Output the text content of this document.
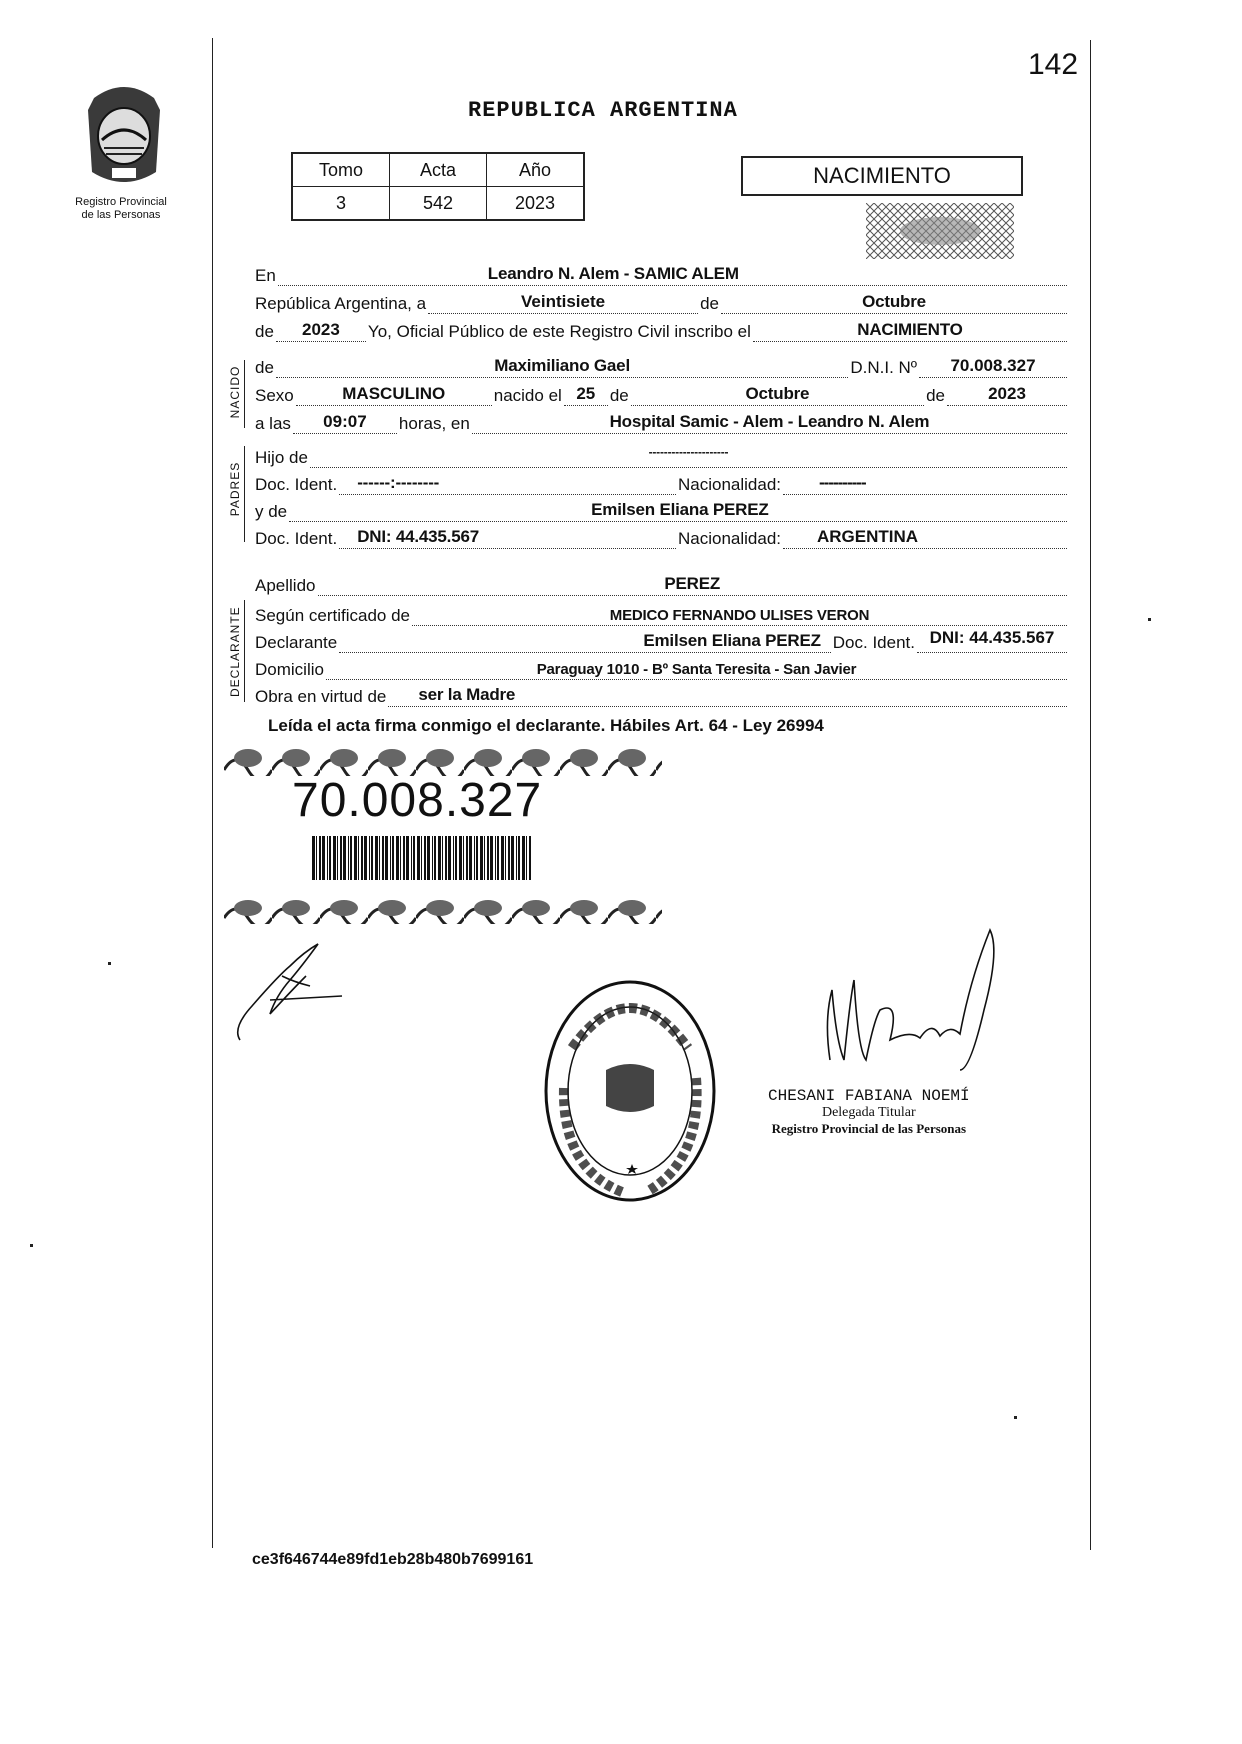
142
REPUBLICA ARGENTINA
Registro Provincial
de las Personas
Tomo	Acta	Año
3	542	2023
NACIMIENTO
En	Leandro N. Alem - SAMIC ALEM
República Argentina, a	Veintisiete	de	Octubre
de	2023	Yo, Oficial Público de este Registro Civil inscribo el	NACIMIENTO
NACIDO de	Maximiliano Gael	D.N.I. Nº	70.008.327
Sexo	MASCULINO	nacido el 25 de	Octubre	de	2023
a las	09:07	horas, en	Hospital Samic - Alem - Leandro N. Alem
PADRES
Hijo de	---------------------
Doc. Ident.	------:--------	Nacionalidad:	----------
y de	Emilsen Eliana PEREZ
Doc. Ident.	DNI: 44.435.567	Nacionalidad:	ARGENTINA
Apellido	PEREZ
DECLARANTE Según certificado de	MEDICO FERNANDO ULISES VERON
Declarante	Emilsen Eliana PEREZ Doc. Ident. DNI: 44.435.567
Domicilio	Paraguay 1010 - Bº Santa Teresita - San Javier
Obra en virtud de	ser la Madre
Leída el acta firma conmigo el declarante. Hábiles Art. 64 - Ley 26994
70.008.327
CHESANI FABIANA NOEMÍ
Delegada Titular
Registro Provincial de las Personas
ce3f646744e89fd1eb28b480b7699161
